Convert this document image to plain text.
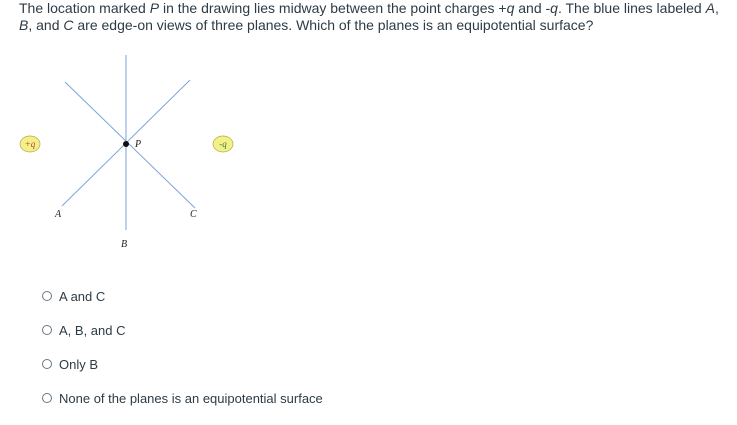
The location marked P in the drawing lies midway between the point charges +q and -q. The blue lines labeled A, B, and C are edge-on views of three planes. Which of the planes is an equipotential surface?
P
+q	-q
A
B
C
A and C
A, B, and C
Only B
None of the planes is an equipotential surface
